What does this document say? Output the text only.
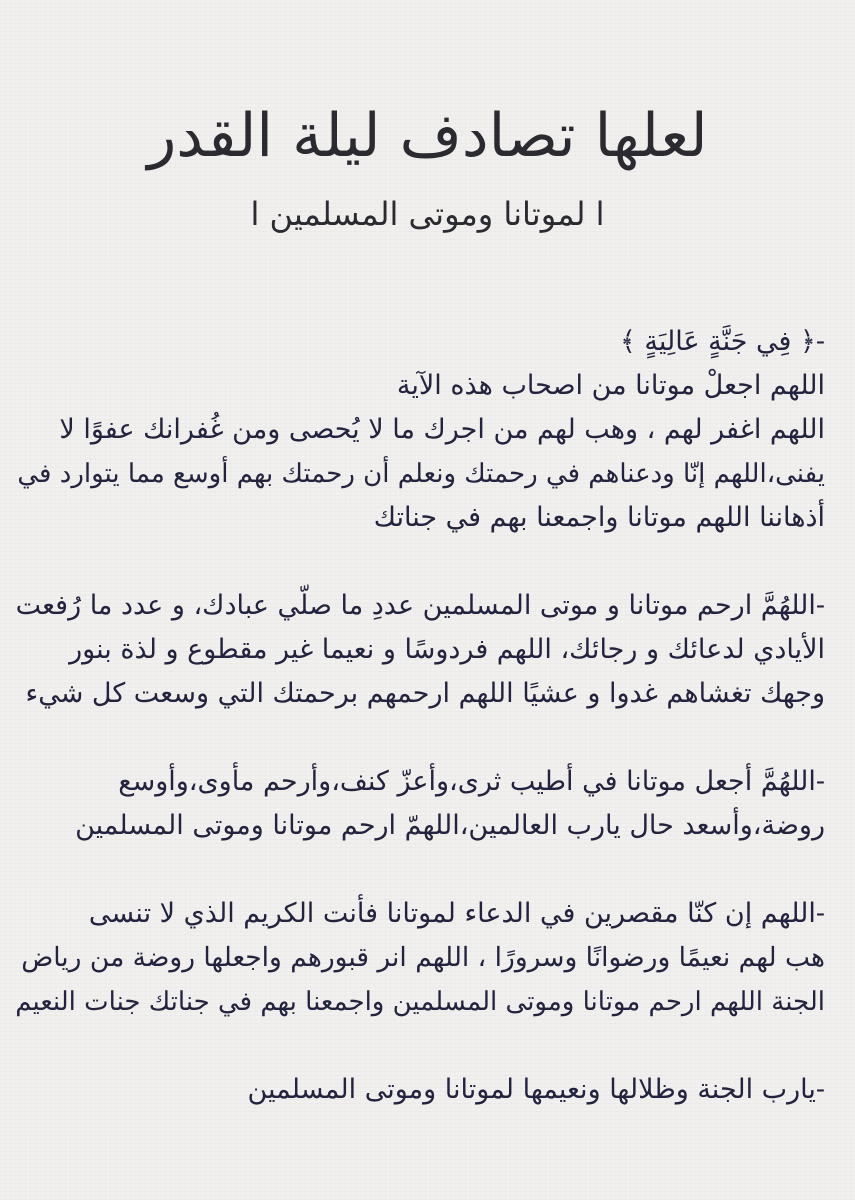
لعلها تصادف ليلة القدر
ا لموتانا وموتى المسلمين ا
-﴿ فِي جَنَّةٍ عَالِيَةٍ ﴾
اللهم اجعلْ موتانا من اصحاب هذه الآية
اللهم اغفر لهم ، وهب لهم من اجرك ما لا يُحصى ومن غُفرانك عفوًا لا
يفنى،اللهم إنّا ودعناهم في رحمتك ونعلم أن رحمتك بهم أوسع مما يتوارد في
أذهاننا اللهم موتانا واجمعنا بهم في جناتك
-اللهُمَّ ارحم موتانا و موتى المسلمين عددِ ما صلّي عبادك، و عدد ما رُفعت
الأيادي لدعائك و رجائك، اللهم فردوسًا و نعيما غير مقطوع و لذة بنور
وجهك تغشاهم غدوا و عشيًا اللهم ارحمهم برحمتك التي وسعت كل شيء
-اللهُمَّ أجعل موتانا في أطيب ثرى،وأعزّ كنف،وأرحم مأوى،وأوسع
روضة،وأسعد حال يارب العالمين،اللهمّ ارحم موتانا وموتى المسلمين
-اللهم إن كنّا مقصرين في الدعاء لموتانا فأنت الكريم الذي لا تنسى
هب لهم نعيمًا ورضوانًا وسرورًا ، اللهم انر قبورهم واجعلها روضة من رياض
الجنة اللهم ارحم موتانا وموتى المسلمين واجمعنا بهم في جناتك جنات النعيم
-يارب الجنة وظلالها ونعيمها لموتانا وموتى المسلمين
